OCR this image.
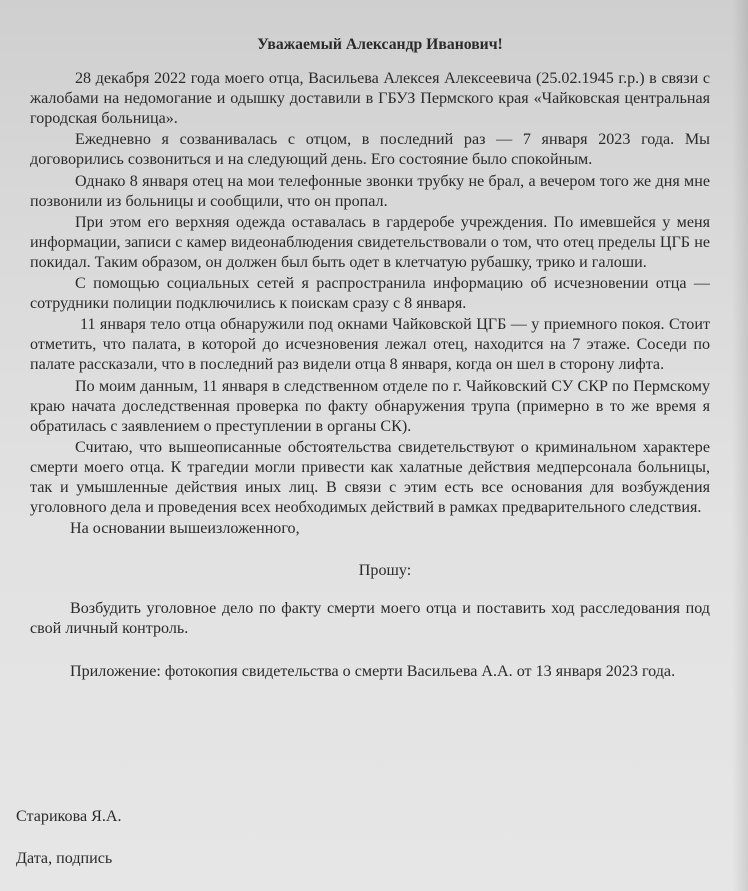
Уважаемый Александр Иванович!

28 декабря 2022 года моего отца, Васильева Алексея Алексеевича (25.02.1945 г.р.) в связи с жалобами на недомогание и одышку доставили в ГБУЗ Пермского края «Чайковская центральная городская больница».

Ежедневно я созванивалась с отцом, в последний раз — 7 января 2023 года. Мы договорились созвониться и на следующий день. Его состояние было спокойным.

Однако 8 января отец на мои телефонные звонки трубку не брал, а вечером того же дня мне позвонили из больницы и сообщили, что он пропал.

При этом его верхняя одежда оставалась в гардеробе учреждения. По имевшейся у меня информации, записи с камер видеонаблюдения свидетельствовали о том, что отец пределы ЦГБ не покидал. Таким образом, он должен был быть одет в клетчатую рубашку, трико и галоши.

С помощью социальных сетей я распространила информацию об исчезновении отца — сотрудники полиции подключились к поискам сразу с 8 января.

11 января тело отца обнаружили под окнами Чайковской ЦГБ — у приемного покоя. Стоит отметить, что палата, в которой до исчезновения лежал отец, находится на 7 этаже. Соседи по палате рассказали, что в последний раз видели отца 8 января, когда он шел в сторону лифта.

По моим данным, 11 января в следственном отделе по г. Чайковский СУ СКР по Пермскому краю начата доследственная проверка по факту обнаружения трупа (примерно в то же время я обратилась с заявлением о преступлении в органы СК).

Считаю, что вышеописанные обстоятельства свидетельствуют о криминальном характере смерти моего отца. К трагедии могли привести как халатные действия медперсонала больницы, так и умышленные действия иных лиц. В связи с этим есть все основания для возбуждения уголовного дела и проведения всех необходимых действий в рамках предварительного следствия.

На основании вышеизложенного,

Прошу:

Возбудить уголовное дело по факту смерти моего отца и поставить ход расследования под свой личный контроль.

Приложение: фотокопия свидетельства о смерти Васильева А.А. от 13 января 2023 года.

Старикова Я.А.
Дата, подпись
